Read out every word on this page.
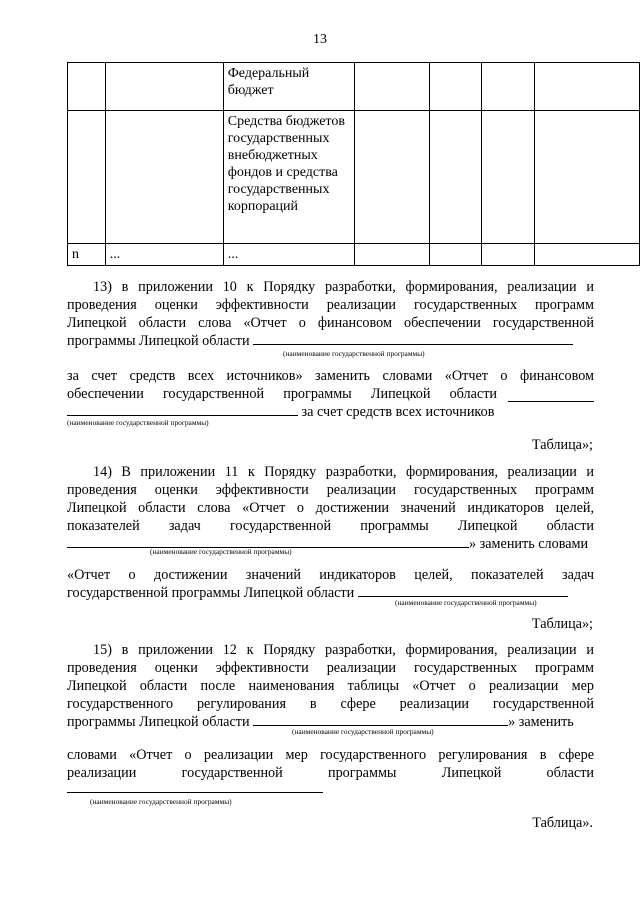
13
		Федеральный бюджет				
		Средства бюджетов государственных внебюджетных фондов и средства государственных корпораций				
n	...	...				
13) в приложении 10 к Порядку разработки, формирования, реализации и
проведения оценки эффективности реализации государственных программ
Липецкой области слова «Отчет о финансовом обеспечении государственной
программы Липецкой области
(наименование государственной программы)
за счет средств всех источников» заменить словами «Отчет о финансовом
обеспечении государственной программы Липецкой области
за счет средств всех источников
(наименование государственной программы)
Таблица»;
14) В приложении 11 к Порядку разработки, формирования, реализации и
проведения оценки эффективности реализации государственных программ
Липецкой области слова «Отчет о достижении значений индикаторов целей,
показателей задач государственной программы Липецкой области
» заменить словами
(наименование государственной программы)
«Отчет о достижении значений индикаторов целей, показателей задач
государственной программы Липецкой области
(наименование государственной программы)
Таблица»;
15) в приложении 12 к Порядку разработки, формирования, реализации и
проведения оценки эффективности реализации государственных программ
Липецкой области после наименования таблицы «Отчет о реализации мер
государственного регулирования в сфере реализации государственной
программы Липецкой области	» заменить
(наименование государственной программы)
словами «Отчет о реализации мер государственного регулирования в сфере
реализации государственной программы Липецкой области
(наименование государственной программы)
Таблица».
